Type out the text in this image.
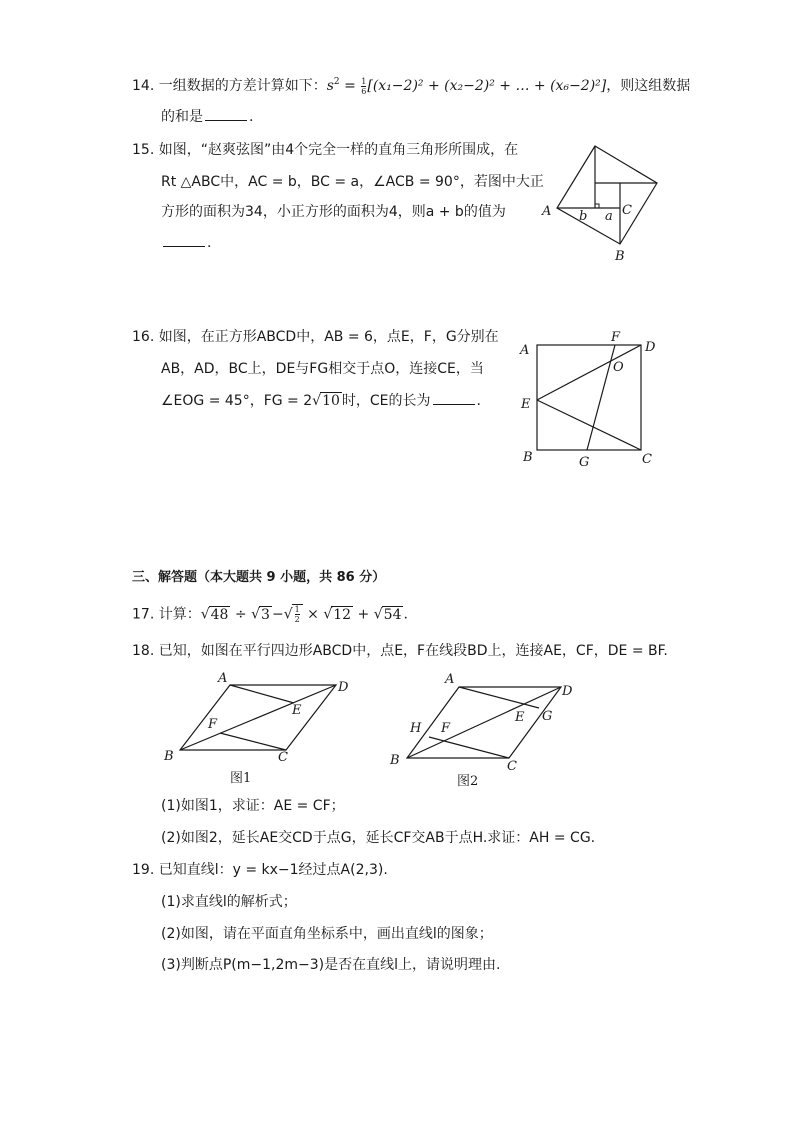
14. 一组数据的方差计算如下：$s^2 = \frac{1}{6} [(x_1-2)^2 + (x_2-2)^2$ + … + (x₆−2)²]，则这组数据
的和是	.
15. 如图，“赵爽弦图”由4个完全一样的直角三角形所围成，在
Rt △ABC中，AC = b，BC = a，∠ACB = 90°，若图中大正
方形的面积为34，小正方形的面积为4，则a + b的值为
.
A	C
B
a
b
16. 如图，在正方形ABCD中，AB = 6，点E，F，G分别在
AB，AD，BC上，DE与FG相交于点O，连接CE，当
∠EOG = 45°，FG = 2√10 时，CE的长为	.
A	D
F
O
E
B	G	C
三、解答题（本大题共 9 小题，共 86 分）
17. 计算：√48 ÷ √3 −√ $\frac{1}{2} \times √12 + √54$ .
18. 已知，如图在平行四边形ABCD中，点E，F在线段BD上，连接AE，CF，DE = BF.
A
D
E
F
B	C
图1
A
D
E G
H F
B	C
图2
(1)如图1，求证：AE = CF；
(2)如图2，延长AE交CD于点G，延长CF交AB于点H.求证：AH = CG.
19. 已知直线l：y = kx−1经过点A(2,3).
(1)求直线l的解析式；
(2)如图，请在平面直角坐标系中，画出直线l的图象；
(3)判断点P(m−1,2m−3)是否在直线l上，请说明理由.
